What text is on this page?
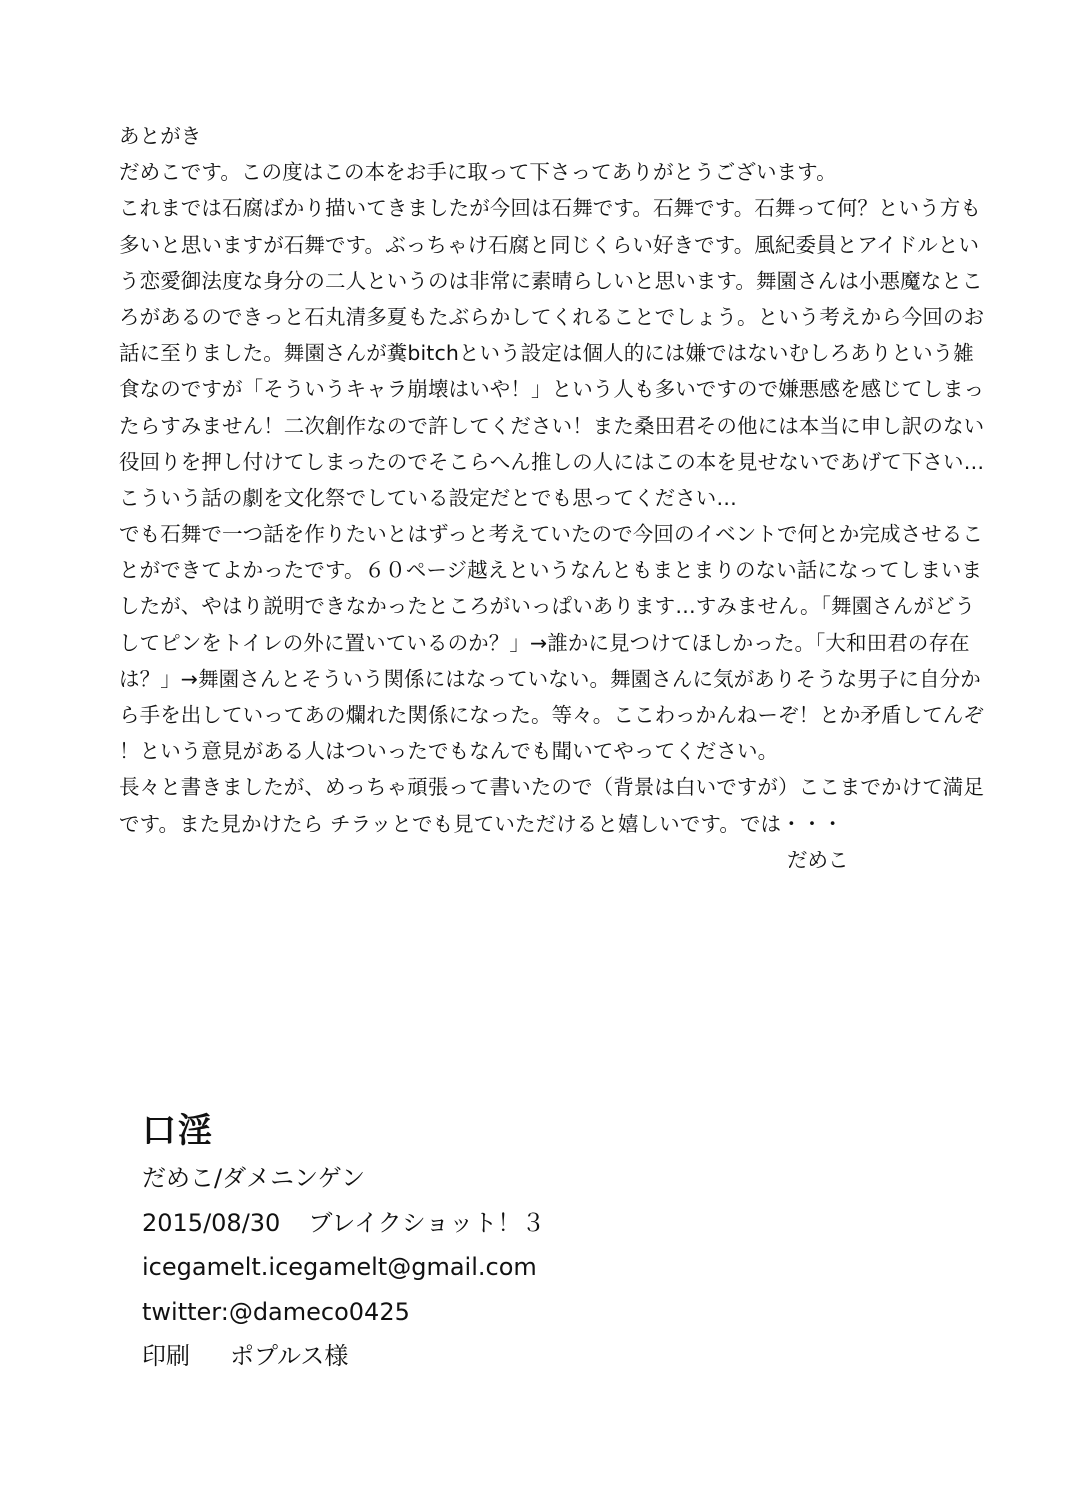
あとがき
だめこです。この度はこの本をお手に取って下さってありがとうございます。
これまでは石腐ばかり描いてきましたが今回は石舞です。石舞です。石舞って何？という方も
多いと思いますが石舞です。ぶっちゃけ石腐と同じくらい好きです。風紀委員とアイドルとい
う恋愛御法度な身分の二人というのは非常に素晴らしいと思います。舞園さんは小悪魔なとこ
ろがあるのできっと石丸清多夏もたぶらかしてくれることでしょう。という考えから今回のお
話に至りました。舞園さんが糞bitchという設定は個人的には嫌ではないむしろありという雑
食なのですが「そういうキャラ崩壊はいや！」という人も多いですので嫌悪感を感じてしまっ
たらすみません！二次創作なので許してください！また桑田君その他には本当に申し訳のない
役回りを押し付けてしまったのでそこらへん推しの人にはこの本を見せないであげて下さい…
こういう話の劇を文化祭でしている設定だとでも思ってください…
でも石舞で一つ話を作りたいとはずっと考えていたので今回のイベントで何とか完成させるこ
とができてよかったです。６０ページ越えというなんともまとまりのない話になってしまいま
したが、やはり説明できなかったところがいっぱいあります…すみません。「舞園さんがどう
してピンをトイレの外に置いているのか？」→誰かに見つけてほしかった。「大和田君の存在
は？」→舞園さんとそういう関係にはなっていない。舞園さんに気がありそうな男子に自分か
ら手を出していってあの爛れた関係になった。等々。ここわっかんねーぞ！とか矛盾してんぞ
！という意見がある人はついったでもなんでも聞いてやってください。
長々と書きましたが、めっちゃ頑張って書いたので（背景は白いですが）ここまでかけて満足
です。また見かけたら チラッとでも見ていただけると嬉しいです。では・・・
だめこ
口淫
だめこ/ダメニンゲン
2015/08/30 ブレイクショット！３
icegamelt.icegamelt@gmail.com
twitter:@dameco0425
印刷 ポプルス様
